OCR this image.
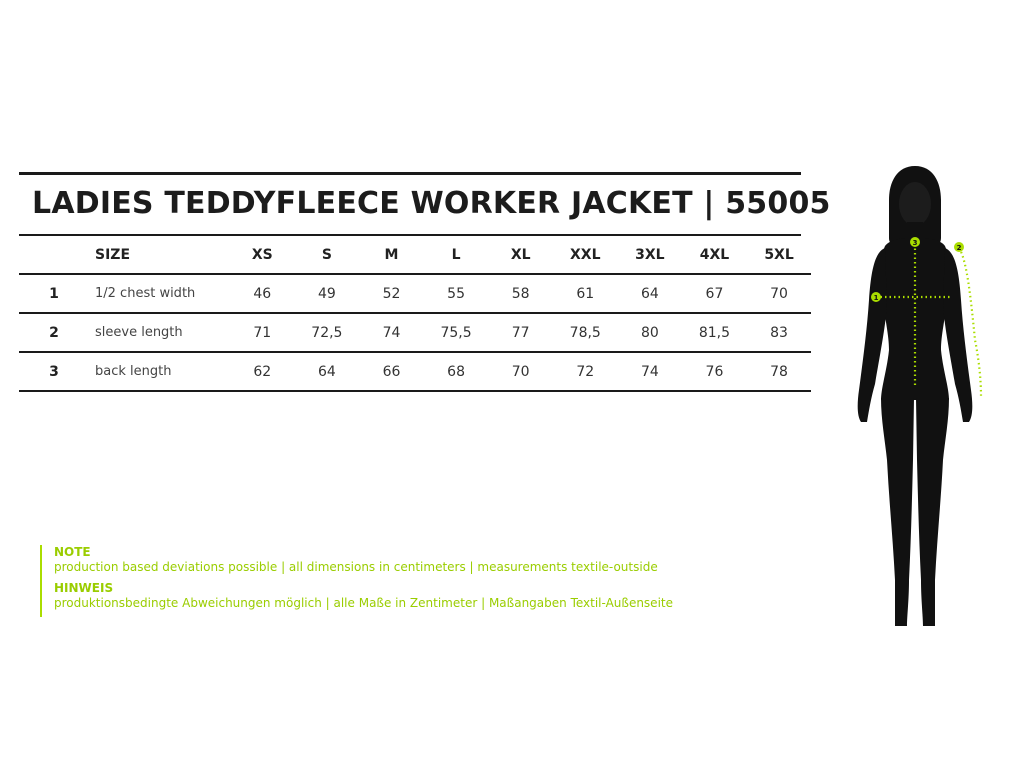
LADIES TEDDYFLEECE WORKER JACKET | 55005
	SIZE	XS	S	M	L	XL	XXL	3XL	4XL	5XL
1	1/2 chest width	46	49	52	55	58	61	64	67	70
2	sleeve length	71	72,5	74	75,5	77	78,5	80	81,5	83
3	back length	62	64	66	68	70	72	74	76	78
NOTE
production based deviations possible | all dimensions in centimeters | measurements textile-outside
HINWEIS
produktionsbedingte Abweichungen möglich | alle Maße in Zentimeter | Maßangaben Textil-Außenseite
1
2
3
